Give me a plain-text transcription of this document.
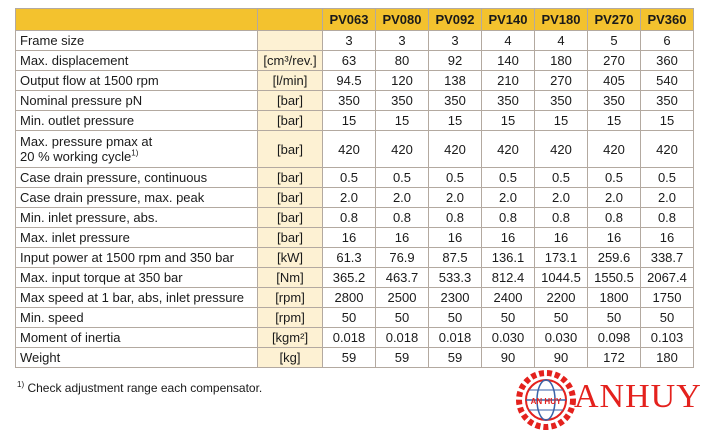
		PV063	PV080	PV092	PV140	PV180	PV270	PV360
Frame size		3	3	3	4	4	5	6
Max. displacement	[cm³/rev.]	63	80	92	140	180	270	360
Output flow at 1500 rpm	[l/min]	94.5	120	138	210	270	405	540
Nominal pressure pN	[bar]	350	350	350	350	350	350	350
Min. outlet pressure	[bar]	15	15	15	15	15	15	15
Max. pressure pmax at
20 % working cycle$^{1)}$	[bar]	420	420	420	420	420	420	420
Case drain pressure, continuous	[bar]	0.5	0.5	0.5	0.5	0.5	0.5	0.5
Case drain pressure, max. peak	[bar]	2.0	2.0	2.0	2.0	2.0	2.0	2.0
Min. inlet pressure, abs.	[bar]	0.8	0.8	0.8	0.8	0.8	0.8	0.8
Max. inlet pressure	[bar]	16	16	16	16	16	16	16
Input power at 1500 rpm and 350 bar	[kW]	61.3	76.9	87.5	136.1	173.1	259.6	338.7
Max. input torque at 350 bar	[Nm]	365.2	463.7	533.3	812.4	1044.5	1550.5	2067.4
Max speed at 1 bar, abs, inlet pressure	[rpm]	2800	2500	2300	2400	2200	1800	1750
Min. speed	[rpm]	50	50	50	50	50	50	50
Moment of inertia	[kgm²]	0.018	0.018	0.018	0.030	0.030	0.098	0.103
Weight	[kg]	59	59	59	90	90	172	180
$^{1)}$ Check adjustment range each compensator.
AN HUY ANHUY
